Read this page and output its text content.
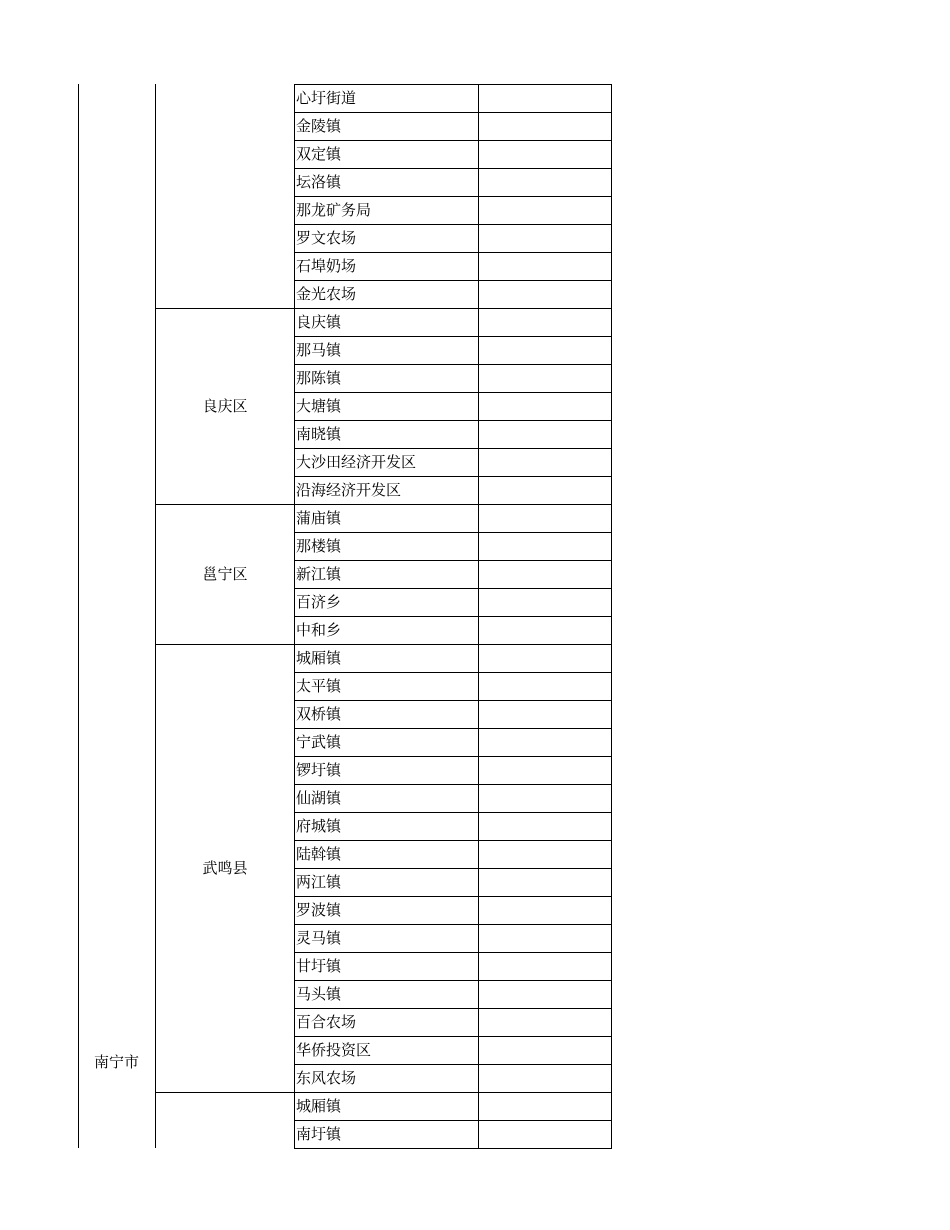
心圩街道
金陵镇
双定镇
坛洛镇
那龙矿务局
罗文农场
石埠奶场
金光农场
良庆镇
那马镇
那陈镇
大塘镇
南晓镇
大沙田经济开发区
沿海经济开发区
良庆区
蒲庙镇
那楼镇
新江镇
百济乡
中和乡
邕宁区
城厢镇
太平镇
双桥镇
宁武镇
锣圩镇
仙湖镇
府城镇
陆斡镇
两江镇
罗波镇
灵马镇
甘圩镇
马头镇
百合农场
华侨投资区
东风农场
武鸣县
城厢镇
南圩镇
南宁市
